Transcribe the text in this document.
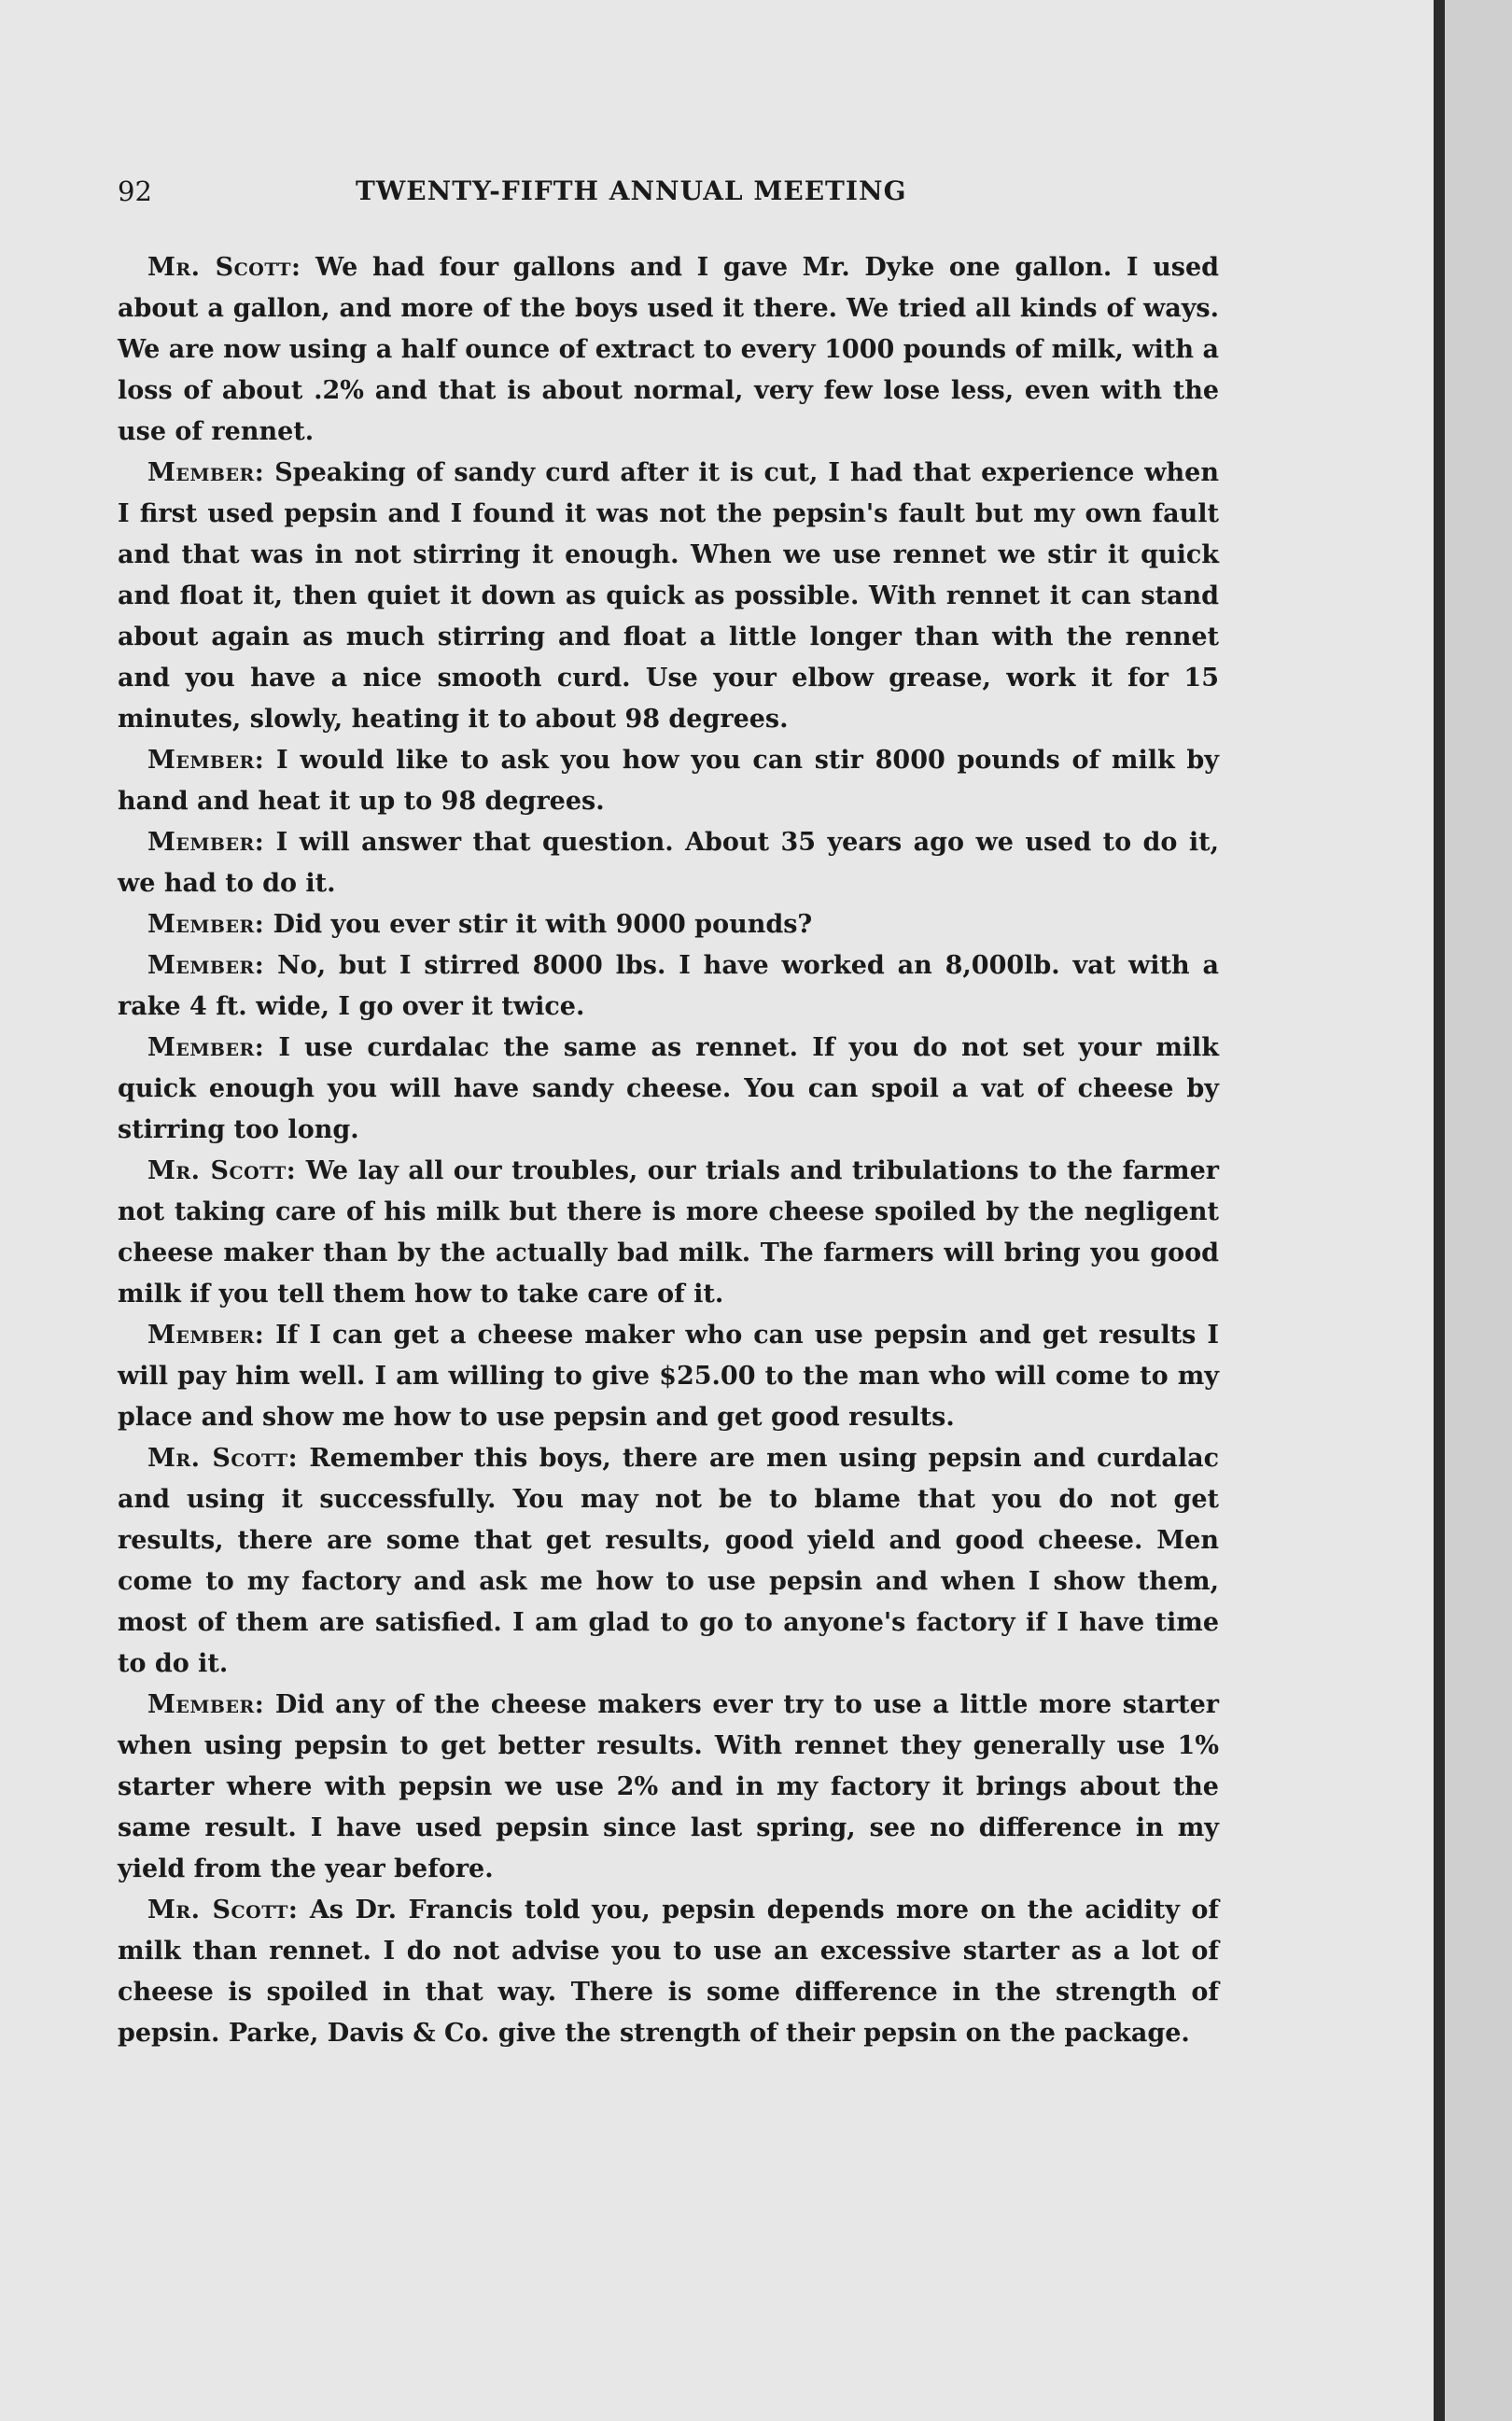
92	TWENTY-FIFTH ANNUAL MEETING

Mr. Scott: We had four gallons and I gave Mr. Dyke one gallon. I used about a gallon, and more of the boys used it there. We tried all kinds of ways. We are now using a half ounce of extract to every 1000 pounds of milk, with a loss of about .2% and that is about normal, very few lose less, even with the use of rennet.

Member: Speaking of sandy curd after it is cut, I had that experience when I first used pepsin and I found it was not the pepsin's fault but my own fault and that was in not stirring it enough. When we use rennet we stir it quick and float it, then quiet it down as quick as possible. With rennet it can stand about again as much stirring and float a little longer than with the rennet and you have a nice smooth curd. Use your elbow grease, work it for 15 minutes, slowly, heating it to about 98 degrees.

Member: I would like to ask you how you can stir 8000 pounds of milk by hand and heat it up to 98 degrees.

Member: I will answer that question. About 35 years ago we used to do it, we had to do it.

Member: Did you ever stir it with 9000 pounds?

Member: No, but I stirred 8000 lbs. I have worked an 8,000lb. vat with a rake 4 ft. wide, I go over it twice.

Member: I use curdalac the same as rennet. If you do not set your milk quick enough you will have sandy cheese. You can spoil a vat of cheese by stirring too long.

Mr. Scott: We lay all our troubles, our trials and tribulations to the farmer not taking care of his milk but there is more cheese spoiled by the negligent cheese maker than by the actually bad milk. The farmers will bring you good milk if you tell them how to take care of it.

Member: If I can get a cheese maker who can use pepsin and get results I will pay him well. I am willing to give $25.00 to the man who will come to my place and show me how to use pepsin and get good results.

Mr. Scott: Remember this boys, there are men using pepsin and curdalac and using it successfully. You may not be to blame that you do not get results, there are some that get results, good yield and good cheese. Men come to my factory and ask me how to use pepsin and when I show them, most of them are satisfied. I am glad to go to anyone's factory if I have time to do it.

Member: Did any of the cheese makers ever try to use a little more starter when using pepsin to get better results. With rennet they generally use 1% starter where with pepsin we use 2% and in my factory it brings about the same result. I have used pepsin since last spring, see no difference in my yield from the year before.

Mr. Scott: As Dr. Francis told you, pepsin depends more on the acidity of milk than rennet. I do not advise you to use an excessive starter as a lot of cheese is spoiled in that way. There is some difference in the strength of pepsin. Parke, Davis & Co. give the strength of their pepsin on the package.
